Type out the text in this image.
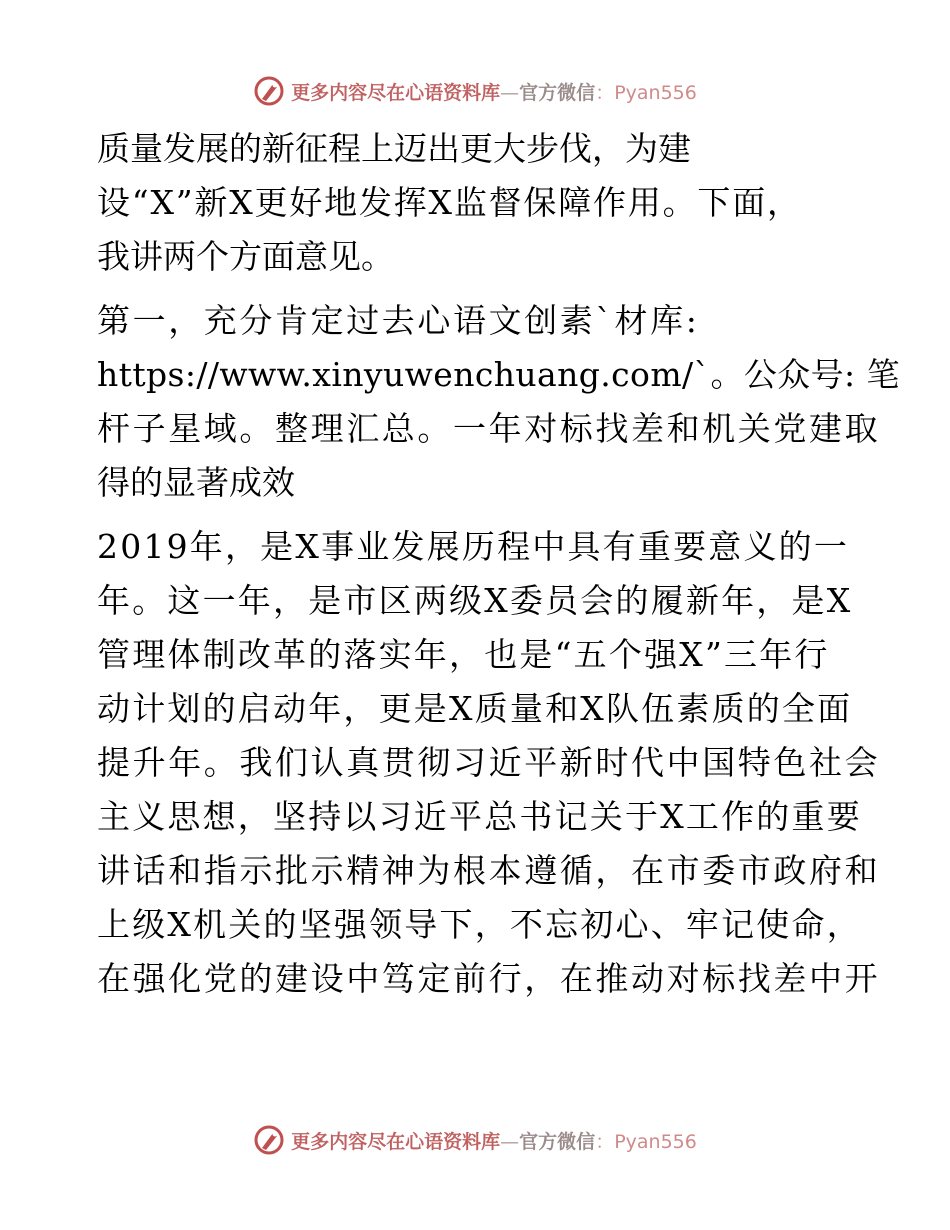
更多内容尽在心语资料库—官方微信：Pyan556
质量发展的新征程上迈出更大步伐，为建
设“X”新X更好地发挥X监督保障作用。下面，
我讲两个方面意见。
第一，充分肯定过去心语文创素`材库:
https://www.xinyuwenchuang.com/`。公众号: 笔
杆子星域。整理汇总。一年对标找差和机关党建取
得的显著成效
2019年，是X事业发展历程中具有重要意义的一
年。这一年，是市区两级X委员会的履新年，是X
管理体制改革的落实年，也是“五个强X”三年行
动计划的启动年，更是X质量和X队伍素质的全面
提升年。我们认真贯彻习近平新时代中国特色社会
主义思想，坚持以习近平总书记关于X工作的重要
讲话和指示批示精神为根本遵循，在市委市政府和
上级X机关的坚强领导下，不忘初心、牢记使命，
在强化党的建设中笃定前行，在推动对标找差中开
更多内容尽在心语资料库—官方微信：Pyan556
